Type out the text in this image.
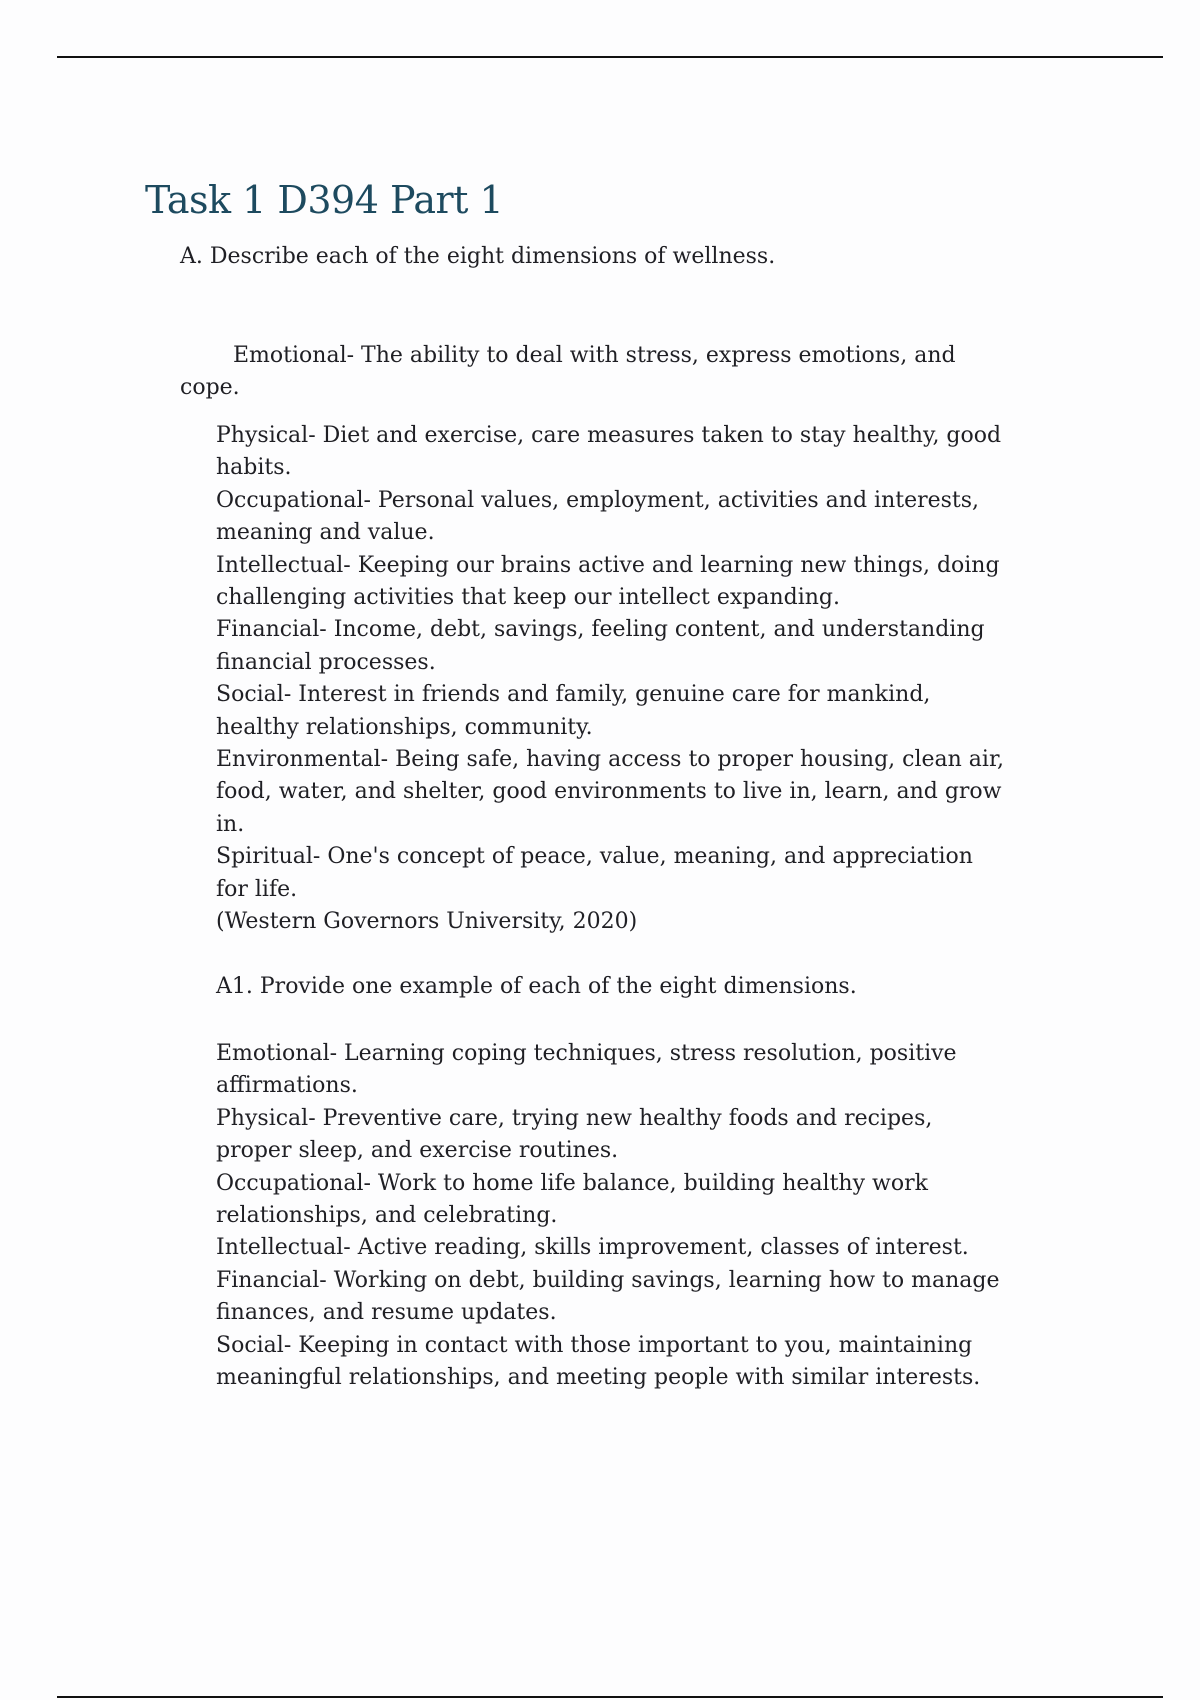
Task 1 D394 Part 1
A. Describe each of the eight dimensions of wellness.
Emotional- The ability to deal with stress, express emotions, and
cope.
Physical- Diet and exercise, care measures taken to stay healthy, good
habits.
Occupational- Personal values, employment, activities and interests,
meaning and value.
Intellectual- Keeping our brains active and learning new things, doing
challenging activities that keep our intellect expanding.
Financial- Income, debt, savings, feeling content, and understanding
financial processes.
Social- Interest in friends and family, genuine care for mankind,
healthy relationships, community.
Environmental- Being safe, having access to proper housing, clean air,
food, water, and shelter, good environments to live in, learn, and grow
in.
Spiritual- One's concept of peace, value, meaning, and appreciation
for life.
(Western Governors University, 2020)
A1. Provide one example of each of the eight dimensions.
Emotional- Learning coping techniques, stress resolution, positive
affirmations.
Physical- Preventive care, trying new healthy foods and recipes,
proper sleep, and exercise routines.
Occupational- Work to home life balance, building healthy work
relationships, and celebrating.
Intellectual- Active reading, skills improvement, classes of interest.
Financial- Working on debt, building savings, learning how to manage
finances, and resume updates.
Social- Keeping in contact with those important to you, maintaining
meaningful relationships, and meeting people with similar interests.
